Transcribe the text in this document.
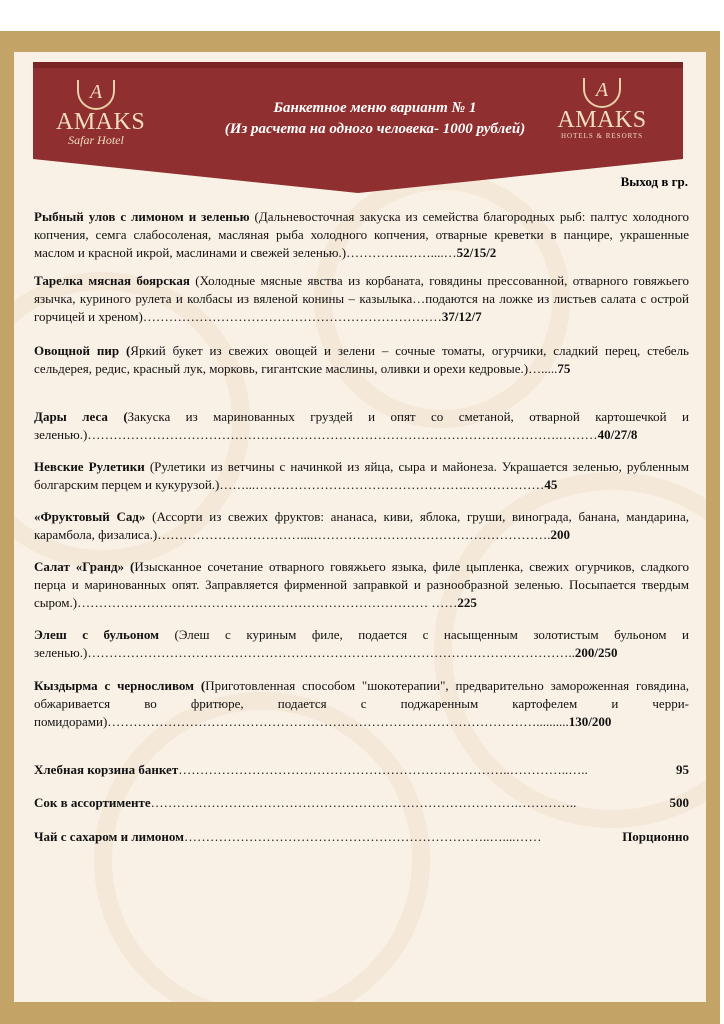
A
AMAKS
Safar Hotel
A
AMAKS
HOTELS & RESORTS
Банкетное меню вариант № 1
(Из расчета на одного человека- 1000 рублей)
Выход в гр.
Рыбный улов с лимоном и зеленью (Дальневосточная закуска из семейства благородных рыб: палтус холодного копчения, семга слабосоленая, масляная рыба холодного копчения, отварные креветки в панцире, украшенные маслом и красной икрой, маслинами и свежей зеленью.)…………..……....…52/15/2
Тарелка мясная боярская (Холодные мясные явства из корбаната, говядины прессованной, отварного говяжьего язычка, куриного рулета и колбасы из вяленой конины – казылыка…подаются на ложке из листьев салата с острой горчицей и хреном)……………………………………………………………37/12/7
Овощной пир (Яркий букет из свежих овощей и зелени – сочные томаты, огурчики, сладкий перец, стебель сельдерея, редис, красный лук, морковь, гигантские маслины, оливки и орехи кедровые.)….....75
Дары леса (Закуска из маринованных груздей и опят со сметаной, отварной картошечкой и зеленью.)……………………………………………………………………………………………….………40/27/8
Невские Рулетики (Рулетики из ветчины с начинкой из яйца, сыра и майонеза. Украшается зеленью, рубленным болгарским перцем и кукурузой.)……...………………………………………….………………45
«Фруктовый Сад» (Ассорти из свежих фруктов: ананаса, киви, яблока, груши, винограда, банана, мандарина, карамбола, физалиса.)……………………………....……………………………………………….200
Салат «Гранд» (Изысканное сочетание отварного говяжьего языка, филе цыпленка, свежих огурчиков, сладкого перца и маринованных опят. Заправляется фирменной заправкой и разнообразной зеленью. Посыпается твердым сыром.)……………………………………………………………………… ……225
Элеш с бульоном (Элеш с куриным филе, подается с насыщенным золотистым бульоном и зеленью.)…………………………………………………………………………………………………..200/250
Кыздырма с черносливом (Приготовленная способом "шокотерапии", предварительно замороженная говядина, обжаривается во фритюре, подается с поджаренным картофелем и черри-помидорами)………………………………………………………………………………………..........130/200
Хлебная корзина банкет…………………………………………………………………..…………..…..	95
Сок в ассортименте………………………………………………………………………….…………..	500
Чай с сахаром и лимоном……………………………………………………………..…....……	Порционно
